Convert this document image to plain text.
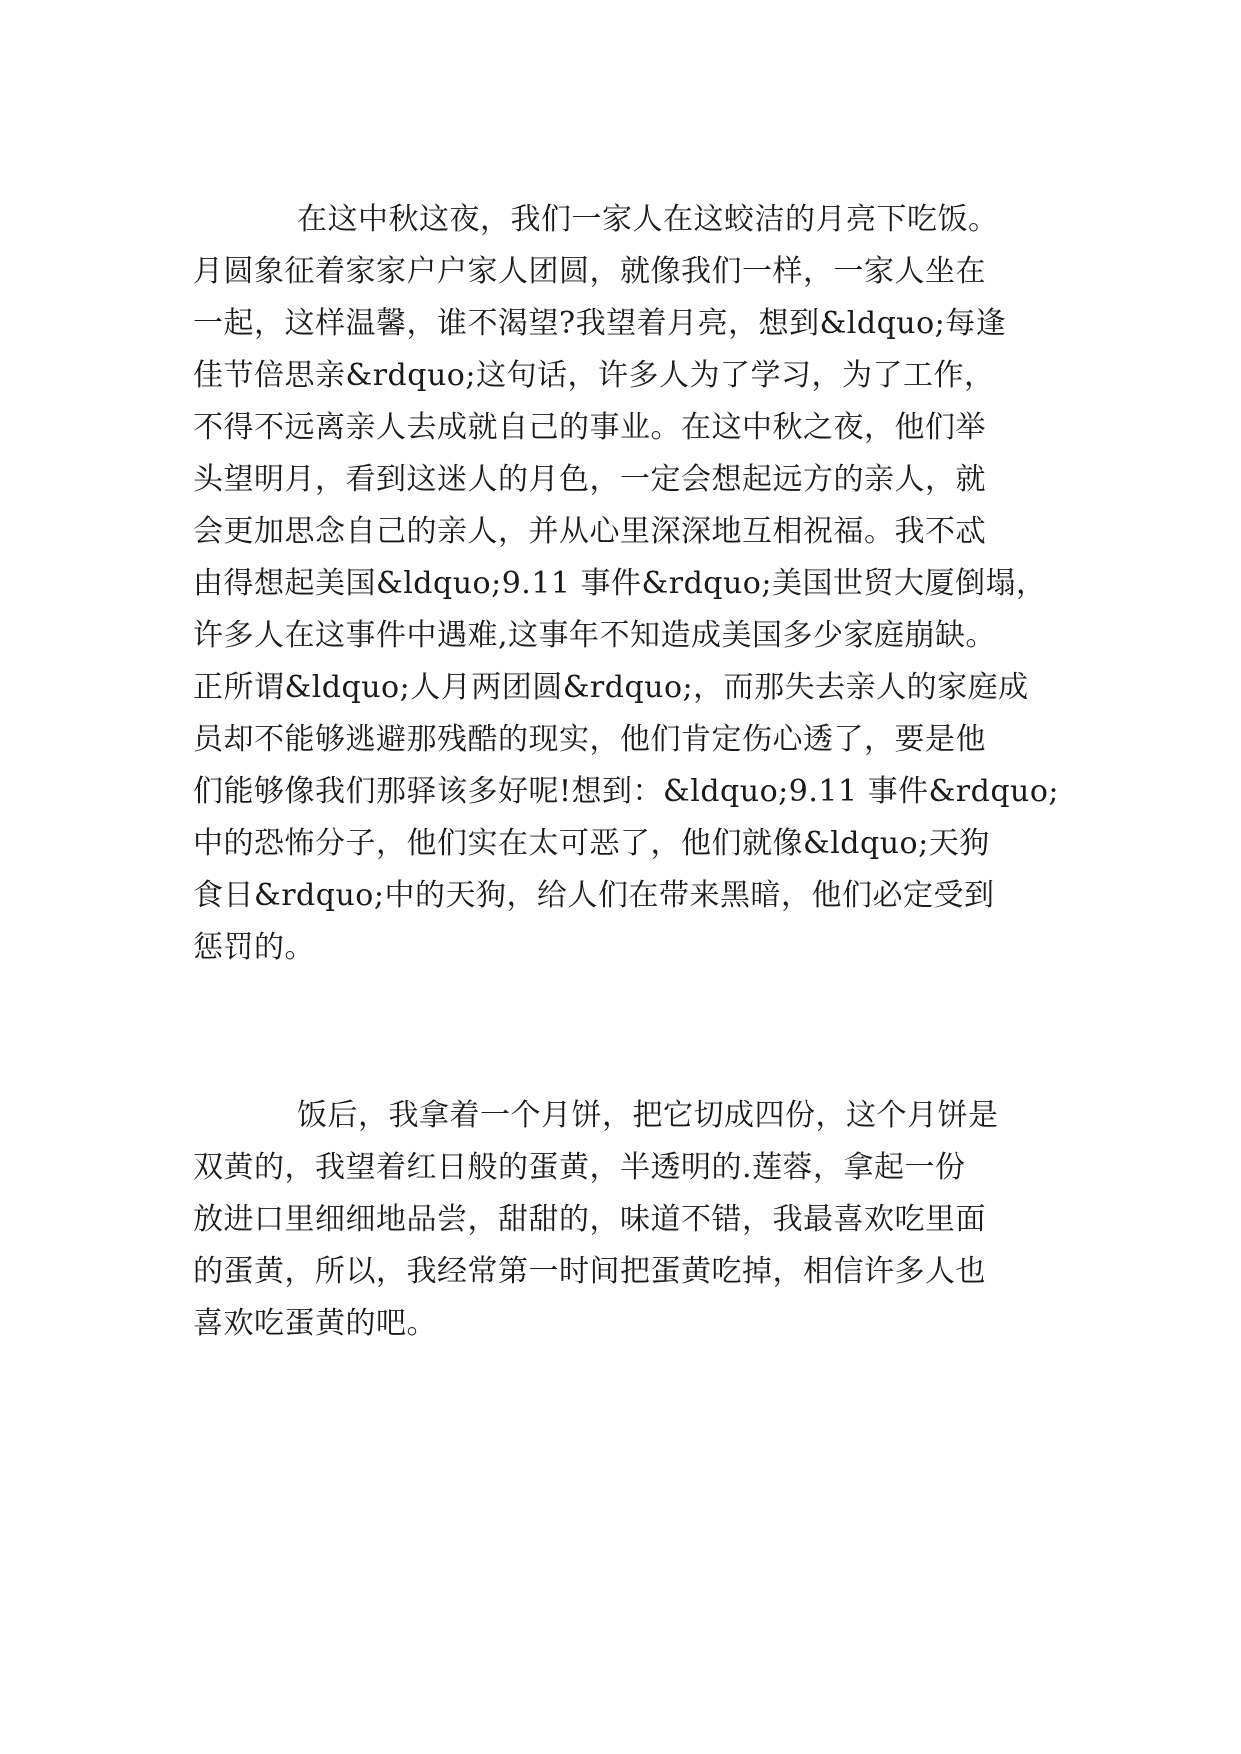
在这中秋这夜，我们一家人在这蛟洁的月亮下吃饭。
月圆象征着家家户户家人团圆，就像我们一样，一家人坐在
一起，这样温馨，谁不渴望?我望着月亮，想到&ldquo;每逢
佳节倍思亲&rdquo;这句话，许多人为了学习，为了工作，
不得不远离亲人去成就自己的事业。在这中秋之夜，他们举
头望明月，看到这迷人的月色，一定会想起远方的亲人，就
会更加思念自己的亲人，并从心里深深地互相祝福。我不忒
由得想起美国&ldquo;9.11 事件&rdquo;美国世贸大厦倒塌，
许多人在这事件中遇难,这事年不知造成美国多少家庭崩缺。
正所谓&ldquo;人月两团圆&rdquo;，而那失去亲人的家庭成
员却不能够逃避那残酷的现实，他们肯定伤心透了，要是他
们能够像我们那驿该多好呢!想到：&ldquo;9.11 事件&rdquo;
中的恐怖分子，他们实在太可恶了，他们就像&ldquo;天狗
食日&rdquo;中的天狗，给人们在带来黑暗，他们必定受到
惩罚的。
饭后，我拿着一个月饼，把它切成四份，这个月饼是
双黄的，我望着红日般的蛋黄，半透明的.莲蓉，拿起一份
放进口里细细地品尝，甜甜的，味道不错，我最喜欢吃里面
的蛋黄，所以，我经常第一时间把蛋黄吃掉，相信许多人也
喜欢吃蛋黄的吧。
